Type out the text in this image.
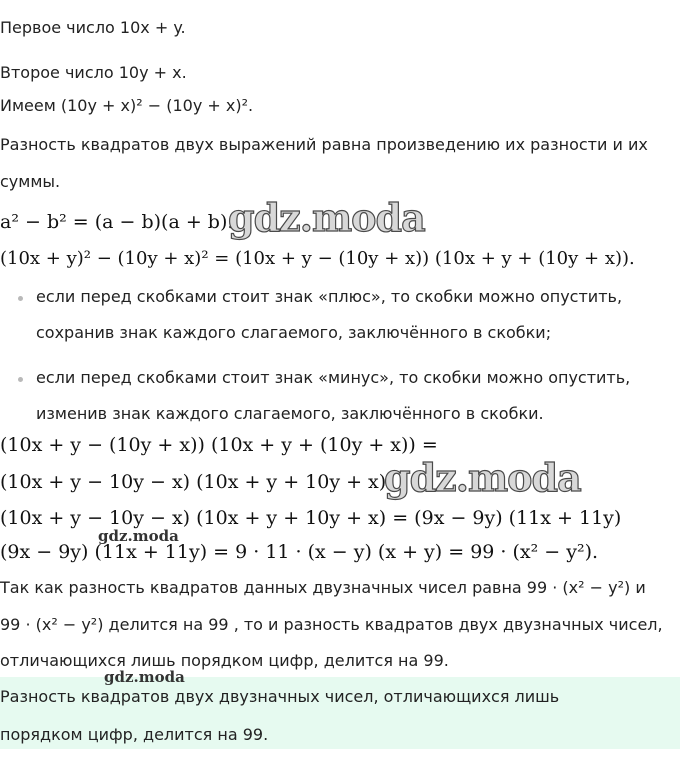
Первое число 10x + y.
Второе число 10y + x.
Имеем (10y + x)² − (10y + x)².
Разность квадратов двух выражений равна произведению их разности и их
суммы.
a² − b² = (a − b)(a + b).
(10x + y)² − (10y + x)² = (10x + y − (10y + x)) (10x + y + (10y + x)).
если перед скобками стоит знак «плюс», то скобки можно опустить,
сохранив знак каждого слагаемого, заключённого в скобки;
если перед скобками стоит знак «минус», то скобки можно опустить,
изменив знак каждого слагаемого, заключённого в скобки.
(10x + y − (10y + x)) (10x + y + (10y + x)) =
(10x + y − 10y − x) (10x + y + 10y + x).
(10x + y − 10y − x) (10x + y + 10y + x) = (9x − 9y) (11x + 11y)
(9x − 9y) (11x + 11y) = 9 · 11 · (x − y) (x + y) = 99 · (x² − y²).
Так как разность квадратов данных двузначных чисел равна 99 · (x² − y²) и
99 · (x² − y²) делится на 99 , то и разность квадратов двух двузначных чисел,
отличающихся лишь порядком цифр, делится на 99.
Разность квадратов двух двузначных чисел, отличающихся лишь
порядком цифр, делится на 99.
gdz.moda
gdz.moda
gdz.moda
gdz.moda
